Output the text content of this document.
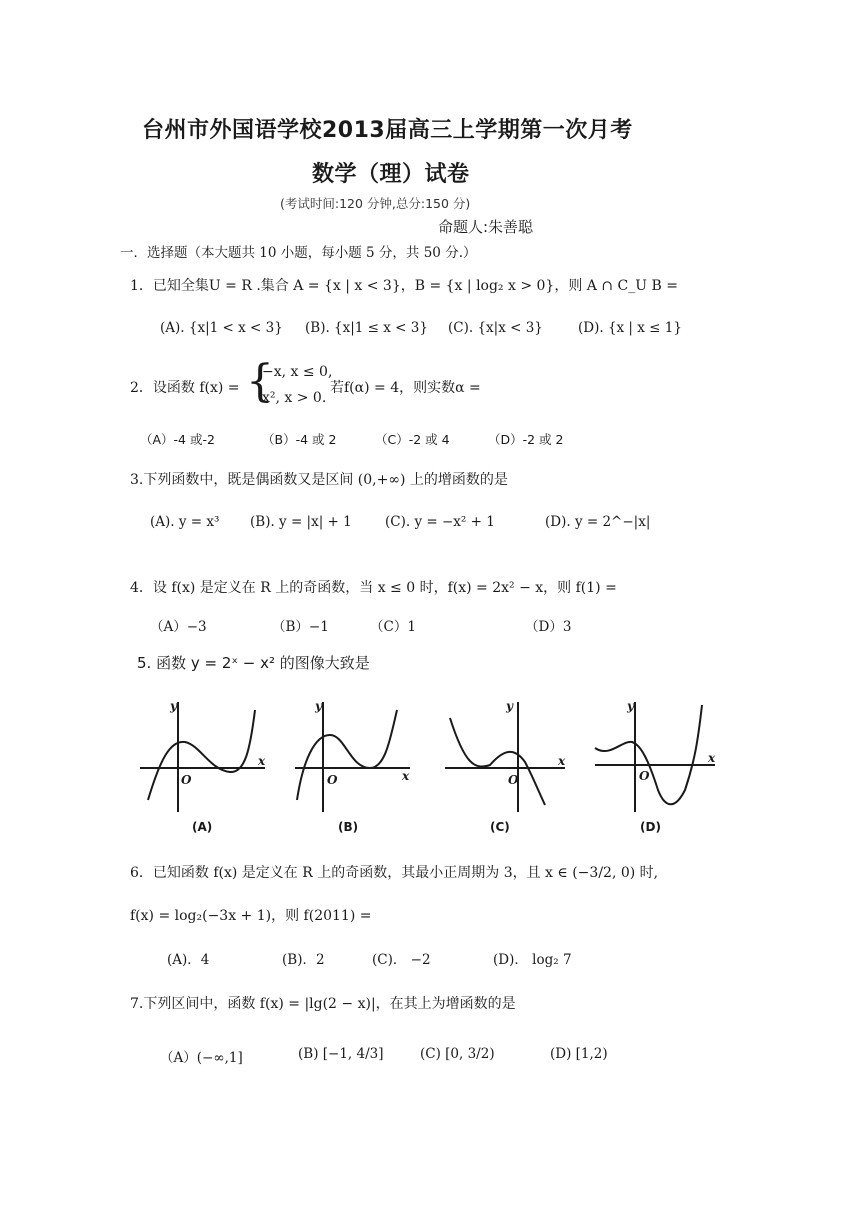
台州市外国语学校2013届高三上学期第一次月考
数学（理）试卷
(考试时间:120 分钟,总分:150 分)
命题人:朱善聪
一．选择题（本大题共 10 小题，每小题 5 分，共 50 分.）
1．已知全集U = R .集合 A = {x | x < 3}，B = {x | log₂ x > 0}，则 A ∩ C_U B =
(A). {x|1 < x < 3} (B). {x|1 ≤ x < 3} (C). {x|x < 3}	(D). {x | x ≤ 1}
2．设函数 f(x) = {
−x, x ≤ 0,
x², x > 0.
若f(α) = 4，则实数α =
（A）-4 或-2	（B）-4 或 2	（C）-2 或 4	（D）-2 或 2
3.下列函数中，既是偶函数又是区间 (0,+∞) 上的增函数的是
(A). y = x³ (B). y = |x| + 1 (C). y = −x² + 1	(D). y = 2^−|x|
4．设 f(x) 是定义在 R 上的奇函数，当 x ≤ 0 时，f(x) = 2x² − x，则 f(1) =
（A）−3	（B）−1	（C）1	（D）3
5. 函数 y = 2ˣ − x² 的图像大致是
y
x
O
y
x
O
y
x
O
y
x
O
(A)	(B)	(C)	(D)
6．已知函数 f(x) 是定义在 R 上的奇函数，其最小正周期为 3，且 x ∈ (−3/2, 0) 时,
f(x) = log₂(−3x + 1)，则 f(2011) =
(A)．4	(B)．2	(C)． −2	(D)． log₂ 7
7.下列区间中，函数 f(x) = |lg(2 − x)|，在其上为增函数的是
（A）(−∞,1]	(B) [−1, 4/3]	(C) [0, 3/2)	(D) [1,2)
